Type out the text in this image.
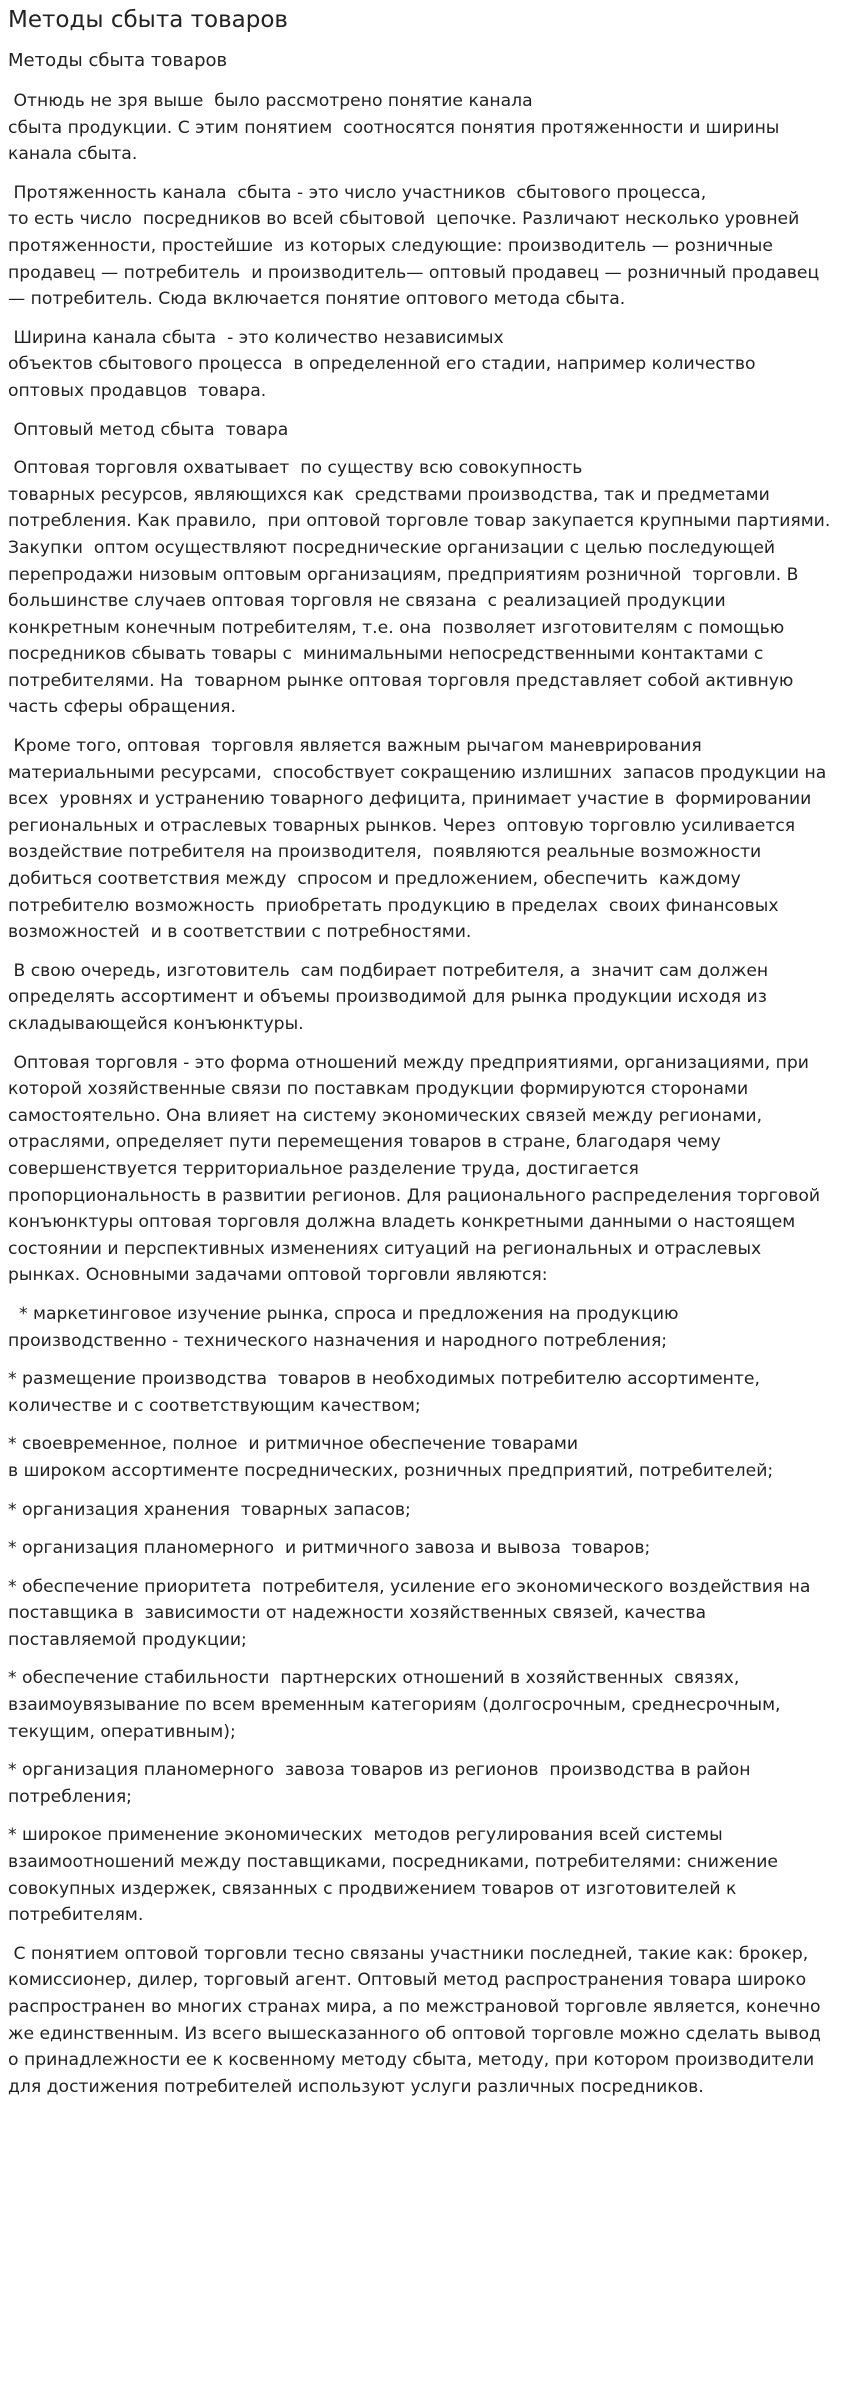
Методы сбыта товаров
Методы сбыта товаров

Отнюдь не зря выше  было рассмотрено понятие канала
сбыта продукции. С этим понятием  соотносятся понятия протяженности и ширины канала сбыта.

Протяженность канала  сбыта - это число участников  сбытового процесса,
то есть число  посредников во всей сбытовой  цепочке. Различают несколько уровней протяженности, простейшие  из которых следующие: производитель — розничные продавец — потребитель  и производитель— оптовый продавец — розничный продавец — потребитель. Сюда включается понятие оптового метода сбыта.

Ширина канала сбыта  - это количество независимых
объектов сбытового процесса  в определенной его стадии, например количество оптовых продавцов  товара.

Оптовый метод сбыта  товара

Оптовая торговля охватывает  по существу всю совокупность
товарных ресурсов, являющихся как  средствами производства, так и предметами потребления. Как правило,  при оптовой торговле товар закупается крупными партиями. Закупки  оптом осуществляют посреднические организации с целью последующей  перепродажи низовым оптовым организациям, предприятиям розничной  торговли. В большинстве случаев оптовая торговля не связана  с реализацией продукции конкретным конечным потребителям, т.е. она  позволяет изготовителям с помощью посредников сбывать товары с  минимальными непосредственными контактами с потребителями. На  товарном рынке оптовая торговля представляет собой активную  часть сферы обращения.

Кроме того, оптовая  торговля является важным рычагом маневрирования материальными ресурсами,  способствует сокращению излишних  запасов продукции на всех  уровнях и устранению товарного дефицита, принимает участие в  формировании региональных и отраслевых товарных рынков. Через  оптовую торговлю усиливается воздействие потребителя на производителя,  появляются реальные возможности  добиться соответствия между  спросом и предложением, обеспечить  каждому потребителю возможность  приобретать продукцию в пределах  своих финансовых возможностей  и в соответствии с потребностями.

В свою очередь, изготовитель  сам подбирает потребителя, а  значит сам должен определять ассортимент и объемы производимой для рынка продукции исходя из складывающейся конъюнктуры.

Оптовая торговля - это форма отношений между предприятиями, организациями, при которой хозяйственные связи по поставкам продукции формируются сторонами самостоятельно. Она влияет на систему экономических связей между регионами, отраслями, определяет пути перемещения товаров в стране, благодаря чему совершенствуется территориальное разделение труда, достигается пропорциональность в развитии регионов. Для рационального распределения торговой конъюнктуры оптовая торговля должна владеть конкретными данными о настоящем состоянии и перспективных изменениях ситуаций на региональных и отраслевых рынках. Основными задачами оптовой торговли являются:

* маркетинговое изучение рынка, спроса и предложения на продукцию производственно - технического назначения и народного потребления;

* размещение производства  товаров в необходимых потребителю ассортименте, количестве и с соответствующим качеством;

* своевременное, полное  и ритмичное обеспечение товарами
в широком ассортименте посреднических, розничных предприятий, потребителей;

* организация хранения  товарных запасов;

* организация планомерного  и ритмичного завоза и вывоза  товаров;

* обеспечение приоритета  потребителя, усиление его экономического воздействия на поставщика в  зависимости от надежности хозяйственных связей, качества поставляемой продукции;

* обеспечение стабильности  партнерских отношений в хозяйственных  связях, взаимоувязывание по всем временным категориям (долгосрочным, среднесрочным, текущим, оперативным);

* организация планомерного  завоза товаров из регионов  производства в район потребления;

* широкое применение экономических  методов регулирования всей системы взаимоотношений между поставщиками, посредниками, потребителями: снижение совокупных издержек, связанных с продвижением товаров от изготовителей к потребителям.

С понятием оптовой торговли тесно связаны участники последней, такие как: брокер, комиссионер, дилер, торговый агент. Оптовый метод распространения товара широко распространен во многих странах мира, а по межстрановой торговле является, конечно же единственным. Из всего вышесказанного об оптовой торговле можно сделать вывод о принадлежности ее к косвенному методу сбыта, методу, при котором производители для достижения потребителей используют услуги различных посредников.
